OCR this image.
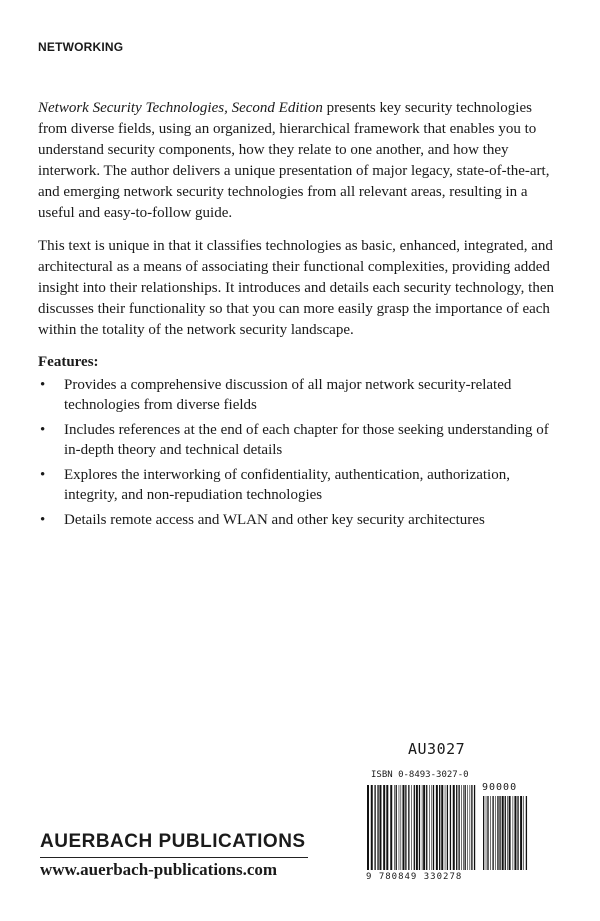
NETWORKING

Network Security Technologies, Second Edition presents key security technologies from diverse fields, using an organized, hierarchical framework that enables you to understand security components, how they relate to one another, and how they interwork. The author delivers a unique presentation of major legacy, state-of-the-art, and emerging network security technologies from all relevant areas, resulting in a useful and easy-to-follow guide.

This text is unique in that it classifies technologies as basic, enhanced, integrated, and architectural as a means of associating their functional complexities, providing added insight into their relationships. It introduces and details each security technology, then discusses their functionality so that you can more easily grasp the importance of each within the totality of the network security landscape.

Features:

• Provides a comprehensive discussion of all major network security-related technologies from diverse fields
• Includes references at the end of each chapter for those seeking understanding of in-depth theory and technical details
• Explores the interworking of confidentiality, authentication, authorization, integrity, and non-repudiation technologies
• Details remote access and WLAN and other key security architectures
AU3027
ISBN 0-8493-3027-0
90000
9 780849 330278
AUERBACH PUBLICATIONS
www.auerbach-publications.com
